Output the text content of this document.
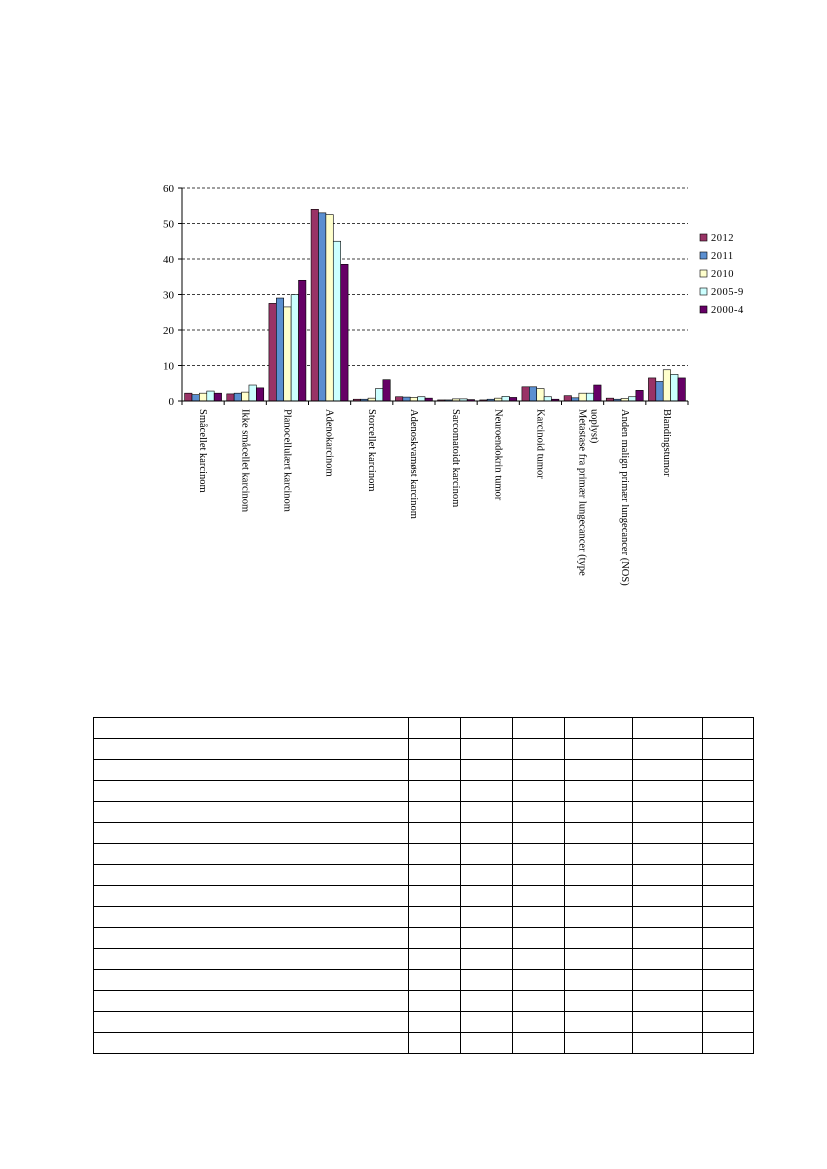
0
10
20
30
40
50
60
Småcellet karcinom	Ikke småcellet karcinom	Planocellulært karcinom	Adenokarcinom	Storcellet karcinom	Adenoskvamøst karcinom	Sarcomatoidt karcinom	Neuroendokrin tumor	Karcinoid tumor	Metastase fra primær lungecancer (typeuoplyst) Anden malign primær lungecancer (NOS)	Blandingstumor
2012
2011
2010
2005-9
2000-4
